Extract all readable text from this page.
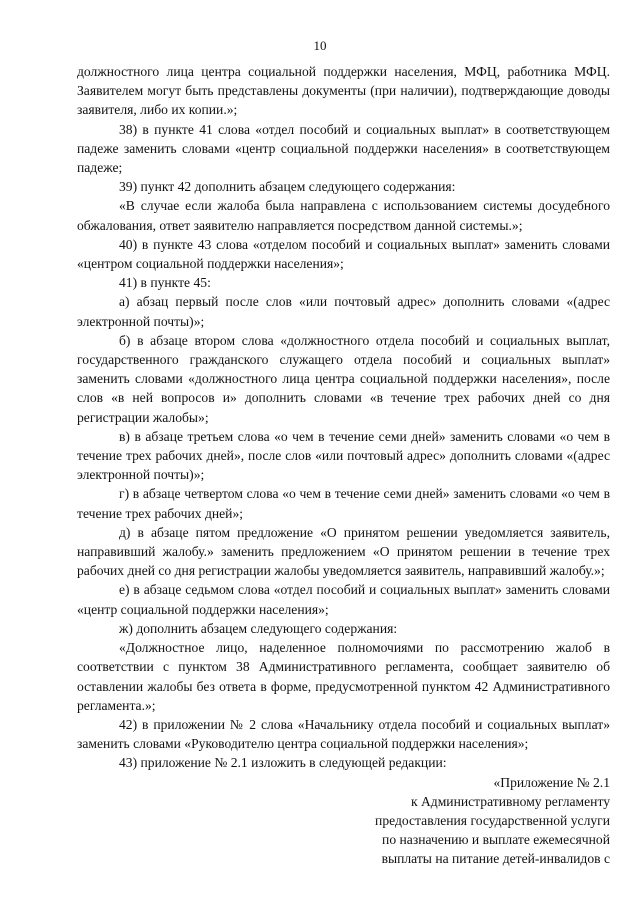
10

должностного лица центра социальной поддержки населения, МФЦ, работника МФЦ. Заявителем могут быть представлены документы (при наличии), подтверждающие доводы заявителя, либо их копии.»;

38) в пункте 41 слова «отдел пособий и социальных выплат» в соответствующем падеже заменить словами «центр социальной поддержки населения» в соответствующем падеже;

39) пункт 42 дополнить абзацем следующего содержания:

«В случае если жалоба была направлена с использованием системы досудебного обжалования, ответ заявителю направляется посредством данной системы.»;

40) в пункте 43 слова «отделом пособий и социальных выплат» заменить словами «центром социальной поддержки населения»;

41) в пункте 45:

а) абзац первый после слов «или почтовый адрес» дополнить словами «(адрес электронной почты)»;

б) в абзаце втором слова «должностного отдела пособий и социальных выплат, государственного гражданского служащего отдела пособий и социальных выплат» заменить словами «должностного лица центра социальной поддержки населения», после слов «в ней вопросов и» дополнить словами «в течение трех рабочих дней со дня регистрации жалобы»;

в) в абзаце третьем слова «о чем в течение семи дней» заменить словами «о чем в течение трех рабочих дней», после слов «или почтовый адрес» дополнить словами «(адрес электронной почты)»;

г) в абзаце четвертом слова «о чем в течение семи дней» заменить словами «о чем в течение трех рабочих дней»;

д) в абзаце пятом предложение «О принятом решении уведомляется заявитель, направивший жалобу.» заменить предложением «О принятом решении в течение трех рабочих дней со дня регистрации жалобы уведомляется заявитель, направивший жалобу.»;

е) в абзаце седьмом слова «отдел пособий и социальных выплат» заменить словами «центр социальной поддержки населения»;

ж) дополнить абзацем следующего содержания:

«Должностное лицо, наделенное полномочиями по рассмотрению жалоб в соответствии с пунктом 38 Административного регламента, сообщает заявителю об оставлении жалобы без ответа в форме, предусмотренной пунктом 42 Административного регламента.»;

42) в приложении № 2 слова «Начальнику отдела пособий и социальных выплат» заменить словами «Руководителю центра социальной поддержки населения»;

43) приложение № 2.1 изложить в следующей редакции:

«Приложение № 2.1

к Административному регламенту

предоставления государственной услуги

по назначению и выплате ежемесячной

выплаты на питание детей-инвалидов с
